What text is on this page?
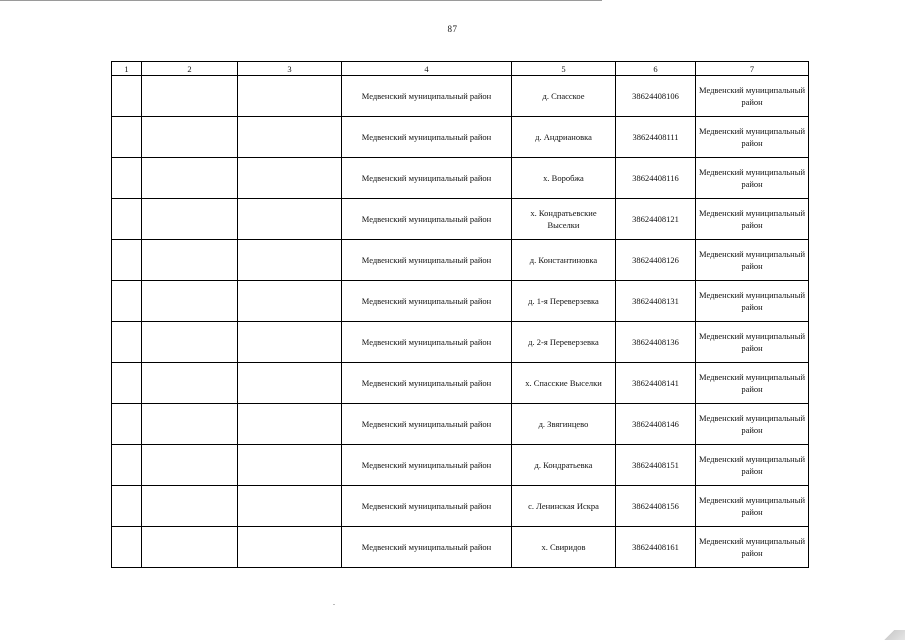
87
1	2	3	4	5	6	7
			Медвенский муниципальный район	д. Спасское	38624408106	Медвенский муниципальный район
			Медвенский муниципальный район	д. Андриановка	38624408111	Медвенский муниципальный район
			Медвенский муниципальный район	х. Воробжа	38624408116	Медвенский муниципальный район
			Медвенский муниципальный район	х. Кондратьевские Выселки	38624408121	Медвенский муниципальный район
			Медвенский муниципальный район	д. Константиновка	38624408126	Медвенский муниципальный район
			Медвенский муниципальный район	д. 1-я Переверзевка	38624408131	Медвенский муниципальный район
			Медвенский муниципальный район	д. 2-я Переверзевка	38624408136	Медвенский муниципальный район
			Медвенский муниципальный район	х. Спасские Выселки	38624408141	Медвенский муниципальный район
			Медвенский муниципальный район	д. Звягинцево	38624408146	Медвенский муниципальный район
			Медвенский муниципальный район	д. Кондратьевка	38624408151	Медвенский муниципальный район
			Медвенский муниципальный район	с. Ленинская Искра	38624408156	Медвенский муниципальный район
			Медвенский муниципальный район	х. Свиридов	38624408161	Медвенский муниципальный район
